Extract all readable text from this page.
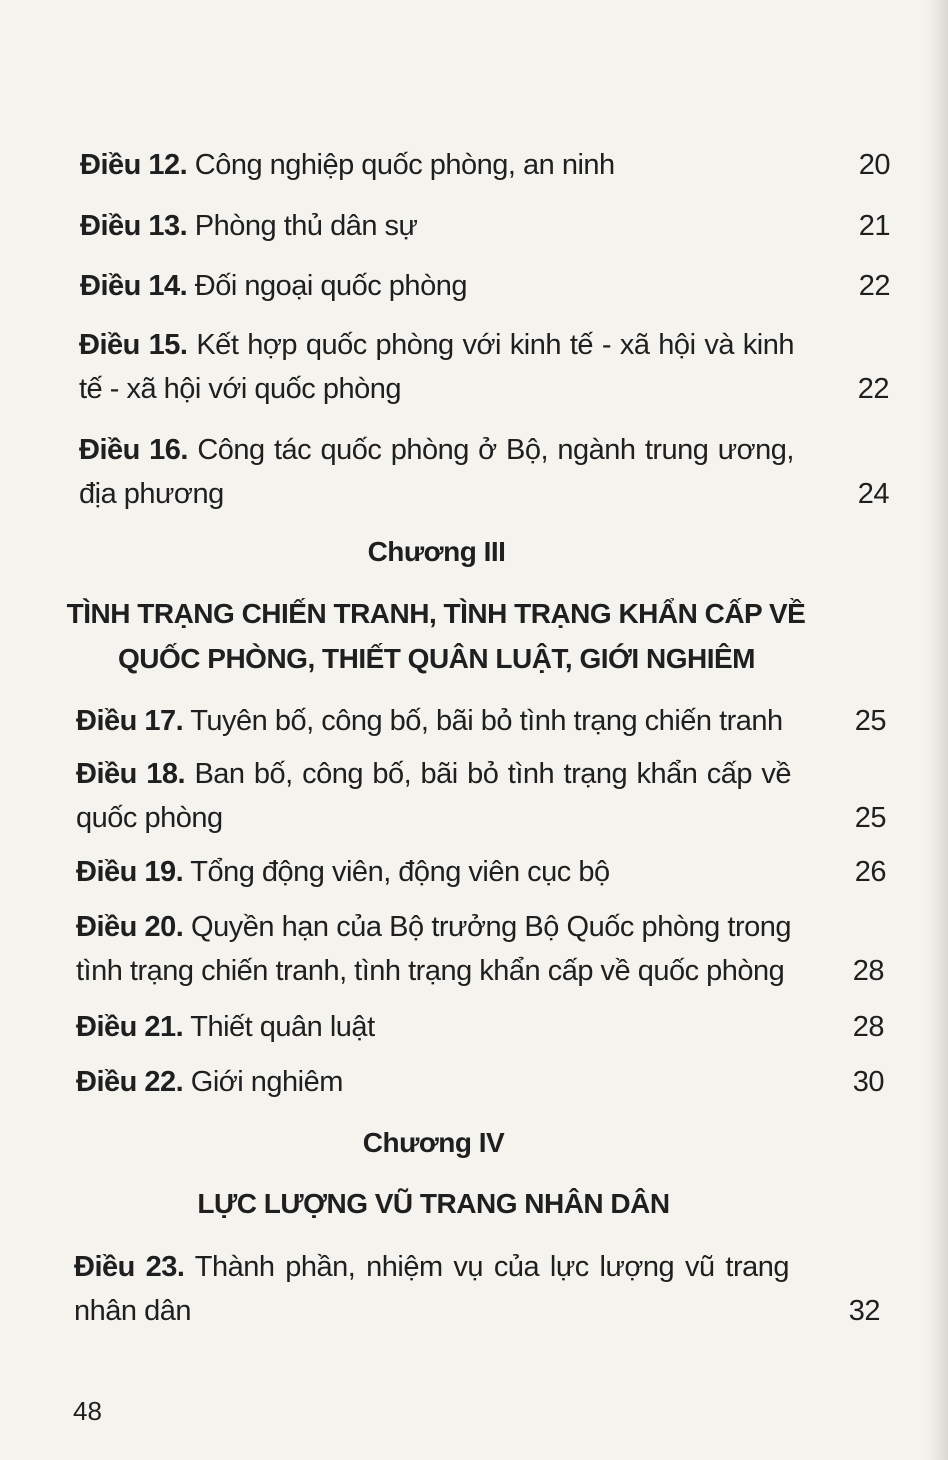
Điều 12. Công nghiệp quốc phòng, an ninh	20
Điều 13. Phòng thủ dân sự	21
Điều 14. Đối ngoại quốc phòng	22
Điều 15. Kết hợp quốc phòng với kinh tế - xã hội và kinh tế - xã hội với quốc phòng	22
Điều 16. Công tác quốc phòng ở Bộ, ngành trung ương, địa phương	24
Chương III
TÌNH TRẠNG CHIẾN TRANH, TÌNH TRẠNG KHẨN CẤP VỀ
QUỐC PHÒNG, THIẾT QUÂN LUẬT, GIỚI NGHIÊM
Điều 17. Tuyên bố, công bố, bãi bỏ tình trạng chiến tranh	25
Điều 18. Ban bố, công bố, bãi bỏ tình trạng khẩn cấp về quốc phòng	25
Điều 19. Tổng động viên, động viên cục bộ	26
Điều 20. Quyền hạn của Bộ trưởng Bộ Quốc phòng trong tình trạng chiến tranh, tình trạng khẩn cấp về quốc phòng	28
Điều 21. Thiết quân luật	28
Điều 22. Giới nghiêm	30
Chương IV
LỰC LƯỢNG VŨ TRANG NHÂN DÂN
Điều 23. Thành phần, nhiệm vụ của lực lượng vũ trang nhân dân	32
48
